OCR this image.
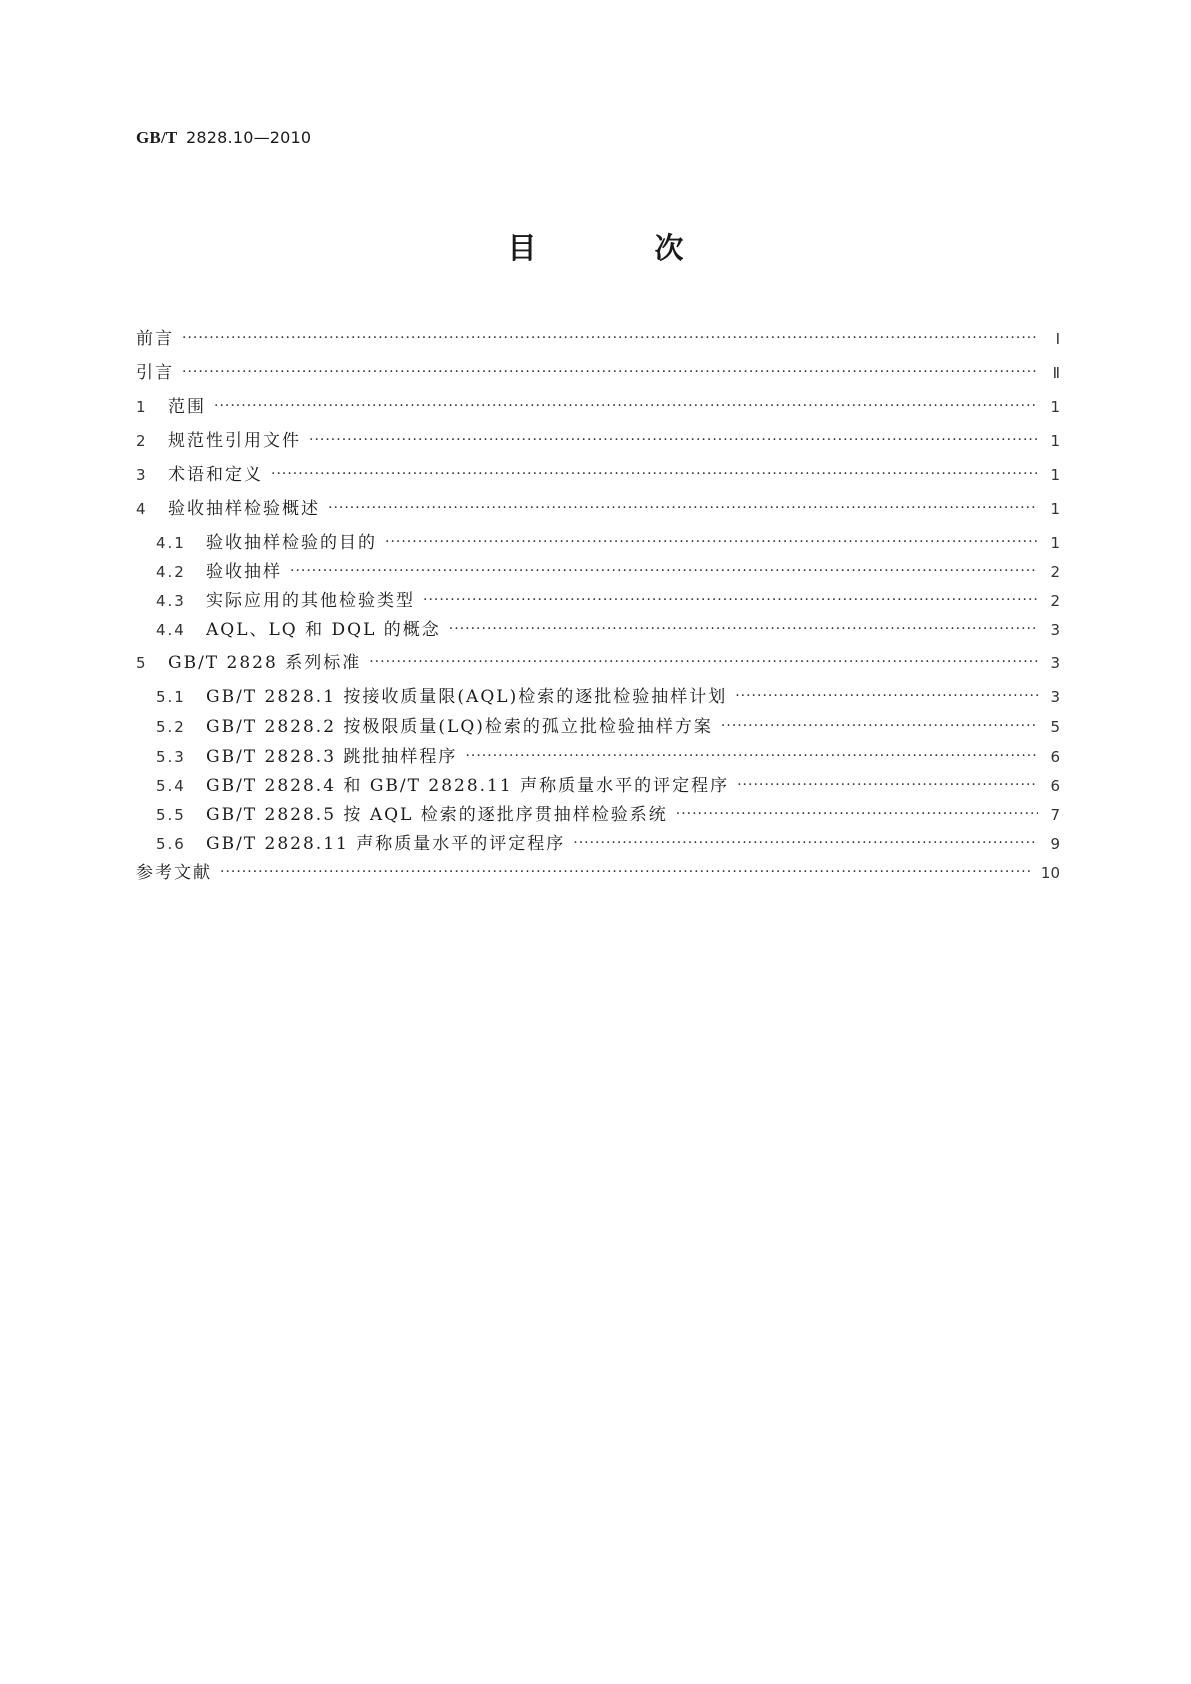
GB/T 2828.10—2010
目 次
前言 ·····	Ⅰ
引言 ·····	Ⅱ
1	范围 ·····	1
2	规范性引用文件 ·····	1
3	术语和定义 ·····	1
4	验收抽样检验概述 ·····	1
4.1	验收抽样检验的目的 ·····	1
4.2	验收抽样 ·····	2
4.3	实际应用的其他检验类型 ·····	2
4.4	AQL、LQ 和 DQL 的概念 ·····	3
5	GB/T 2828 系列标准 ·····	3
5.1	GB/T 2828.1 按接收质量限(AQL)检索的逐批检验抽样计划 ·····	3
5.2	GB/T 2828.2 按极限质量(LQ)检索的孤立批检验抽样方案 ·····	5
5.3	GB/T 2828.3 跳批抽样程序 ·····	6
5.4	GB/T 2828.4 和 GB/T 2828.11 声称质量水平的评定程序 ·····	6
5.5	GB/T 2828.5 按 AQL 检索的逐批序贯抽样检验系统 ·····	7
5.6	GB/T 2828.11 声称质量水平的评定程序 ·····	9
参考文献 ·····	10
